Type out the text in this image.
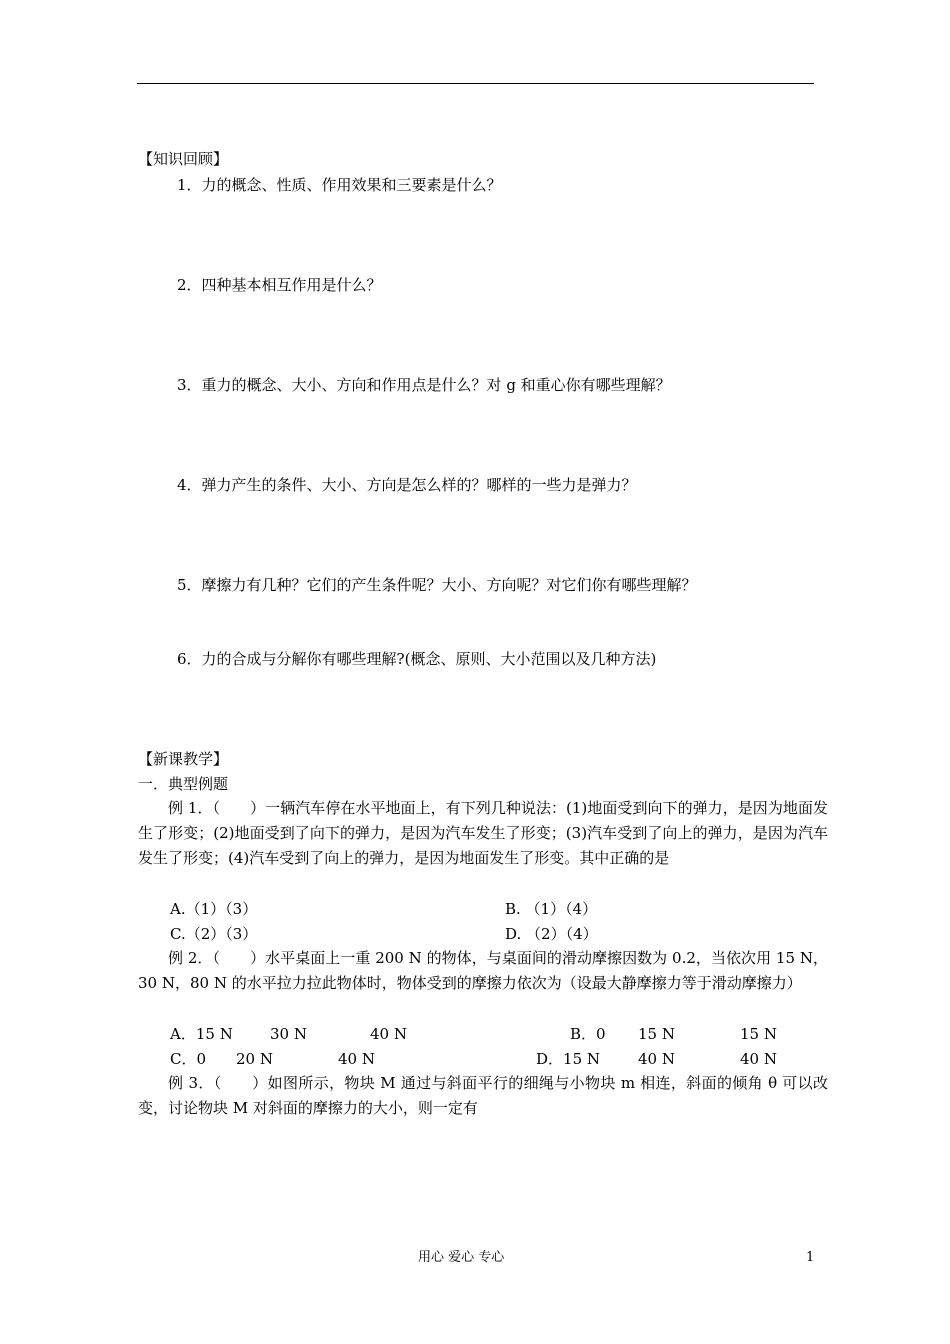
【知识回顾】
1．力的概念、性质、作用效果和三要素是什么？
2．四种基本相互作用是什么？
3．重力的概念、大小、方向和作用点是什么？对 g 和重心你有哪些理解？
4．弹力产生的条件、大小、方向是怎么样的？哪样的一些力是弹力？
5．摩擦力有几种？它们的产生条件呢？大小、方向呢？对它们你有哪些理解？
6．力的合成与分解你有哪些理解?(概念、原则、大小范围以及几种方法)
【新课教学】
一．典型例题
例 1．（　　）一辆汽车停在水平地面上，有下列几种说法：(1)地面受到向下的弹力，是因为地面发生了形变；(2)地面受到了向下的弹力，是因为汽车发生了形变；(3)汽车受到了向上的弹力，是因为汽车发生了形变；(4)汽车受到了向上的弹力，是因为地面发生了形变。其中正确的是
A.（1）（3）	B. （1）（4）
C.（2）（3）	D. （2）（4）
例 2．（　　）水平桌面上一重 200 N 的物体，与桌面间的滑动摩擦因数为 0.2，当依次用 15 N，30 N，80 N 的水平拉力拉此物体时，物体受到的摩擦力依次为（设最大静摩擦力等于滑动摩擦力）
A．15 N 30 N	40 N	B．0 15 N	15 N
C．0 20 N	40 N	D．15 N	40 N	40 N
例 3．（　　）如图所示，物块 M 通过与斜面平行的细绳与小物块 m 相连，斜面的倾角 θ 可以改变，讨论物块 M 对斜面的摩擦力的大小，则一定有
用心 爱心 专心	1
